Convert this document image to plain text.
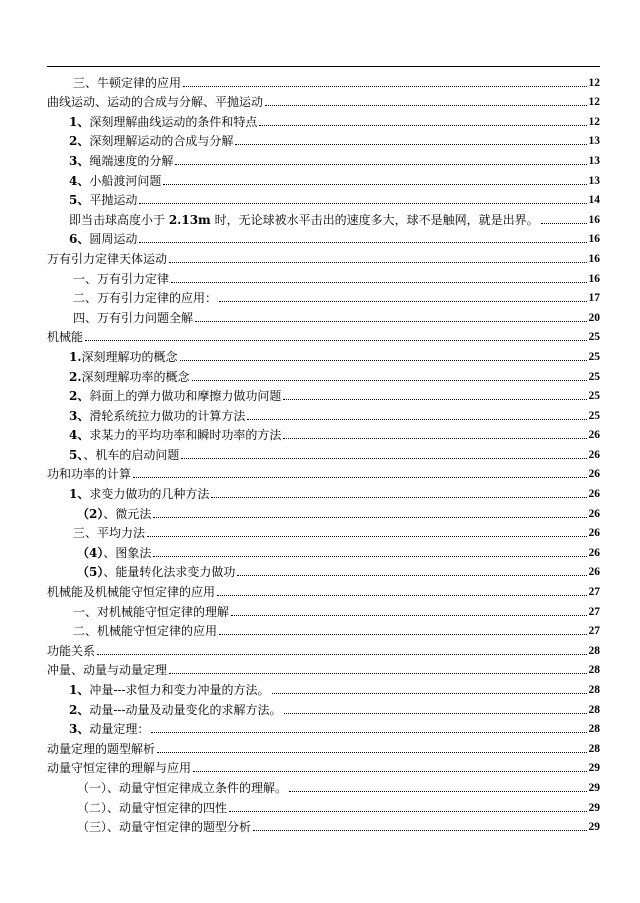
三、牛顿定律的应用	12
曲线运动、运动的合成与分解、平抛运动	12
1、深刻理解曲线运动的条件和特点	12
2、深刻理解运动的合成与分解	13
3、绳端速度的分解	13
4、小船渡河问题	13
5、平抛运动	14
即当击球高度小于 2.13m 时，无论球被水平击出的速度多大，球不是触网，就是出界。	16
6、圆周运动	16
万有引力定律天体运动	16
一、万有引力定律	16
二、万有引力定律的应用：	17
四、万有引力问题全解	20
机械能	25
1.深刻理解功的概念	25
2.深刻理解功率的概念	25
2、斜面上的弹力做功和摩擦力做功问题	25
3、滑轮系统拉力做功的计算方法	25
4、求某力的平均功率和瞬时功率的方法	26
5、、机车的启动问题	26
功和功率的计算	26
1、求变力做功的几种方法	26
（2）、微元法	26
三、平均力法	26
（4）、图象法	26
（5）、能量转化法求变力做功	26
机械能及机械能守恒定律的应用	27
一、对机械能守恒定律的理解	27
二、机械能守恒定律的应用	27
功能关系	28
冲量、动量与动量定理	28
1、冲量---求恒力和变力冲量的方法。	28
2、动量---动量及动量变化的求解方法。	28
3、动量定理：	28
动量定理的题型解析	28
动量守恒定律的理解与应用	29
（一）、动量守恒定律成立条件的理解。	29
（二）、动量守恒定律的四性	29
（三）、动量守恒定律的题型分析	29
